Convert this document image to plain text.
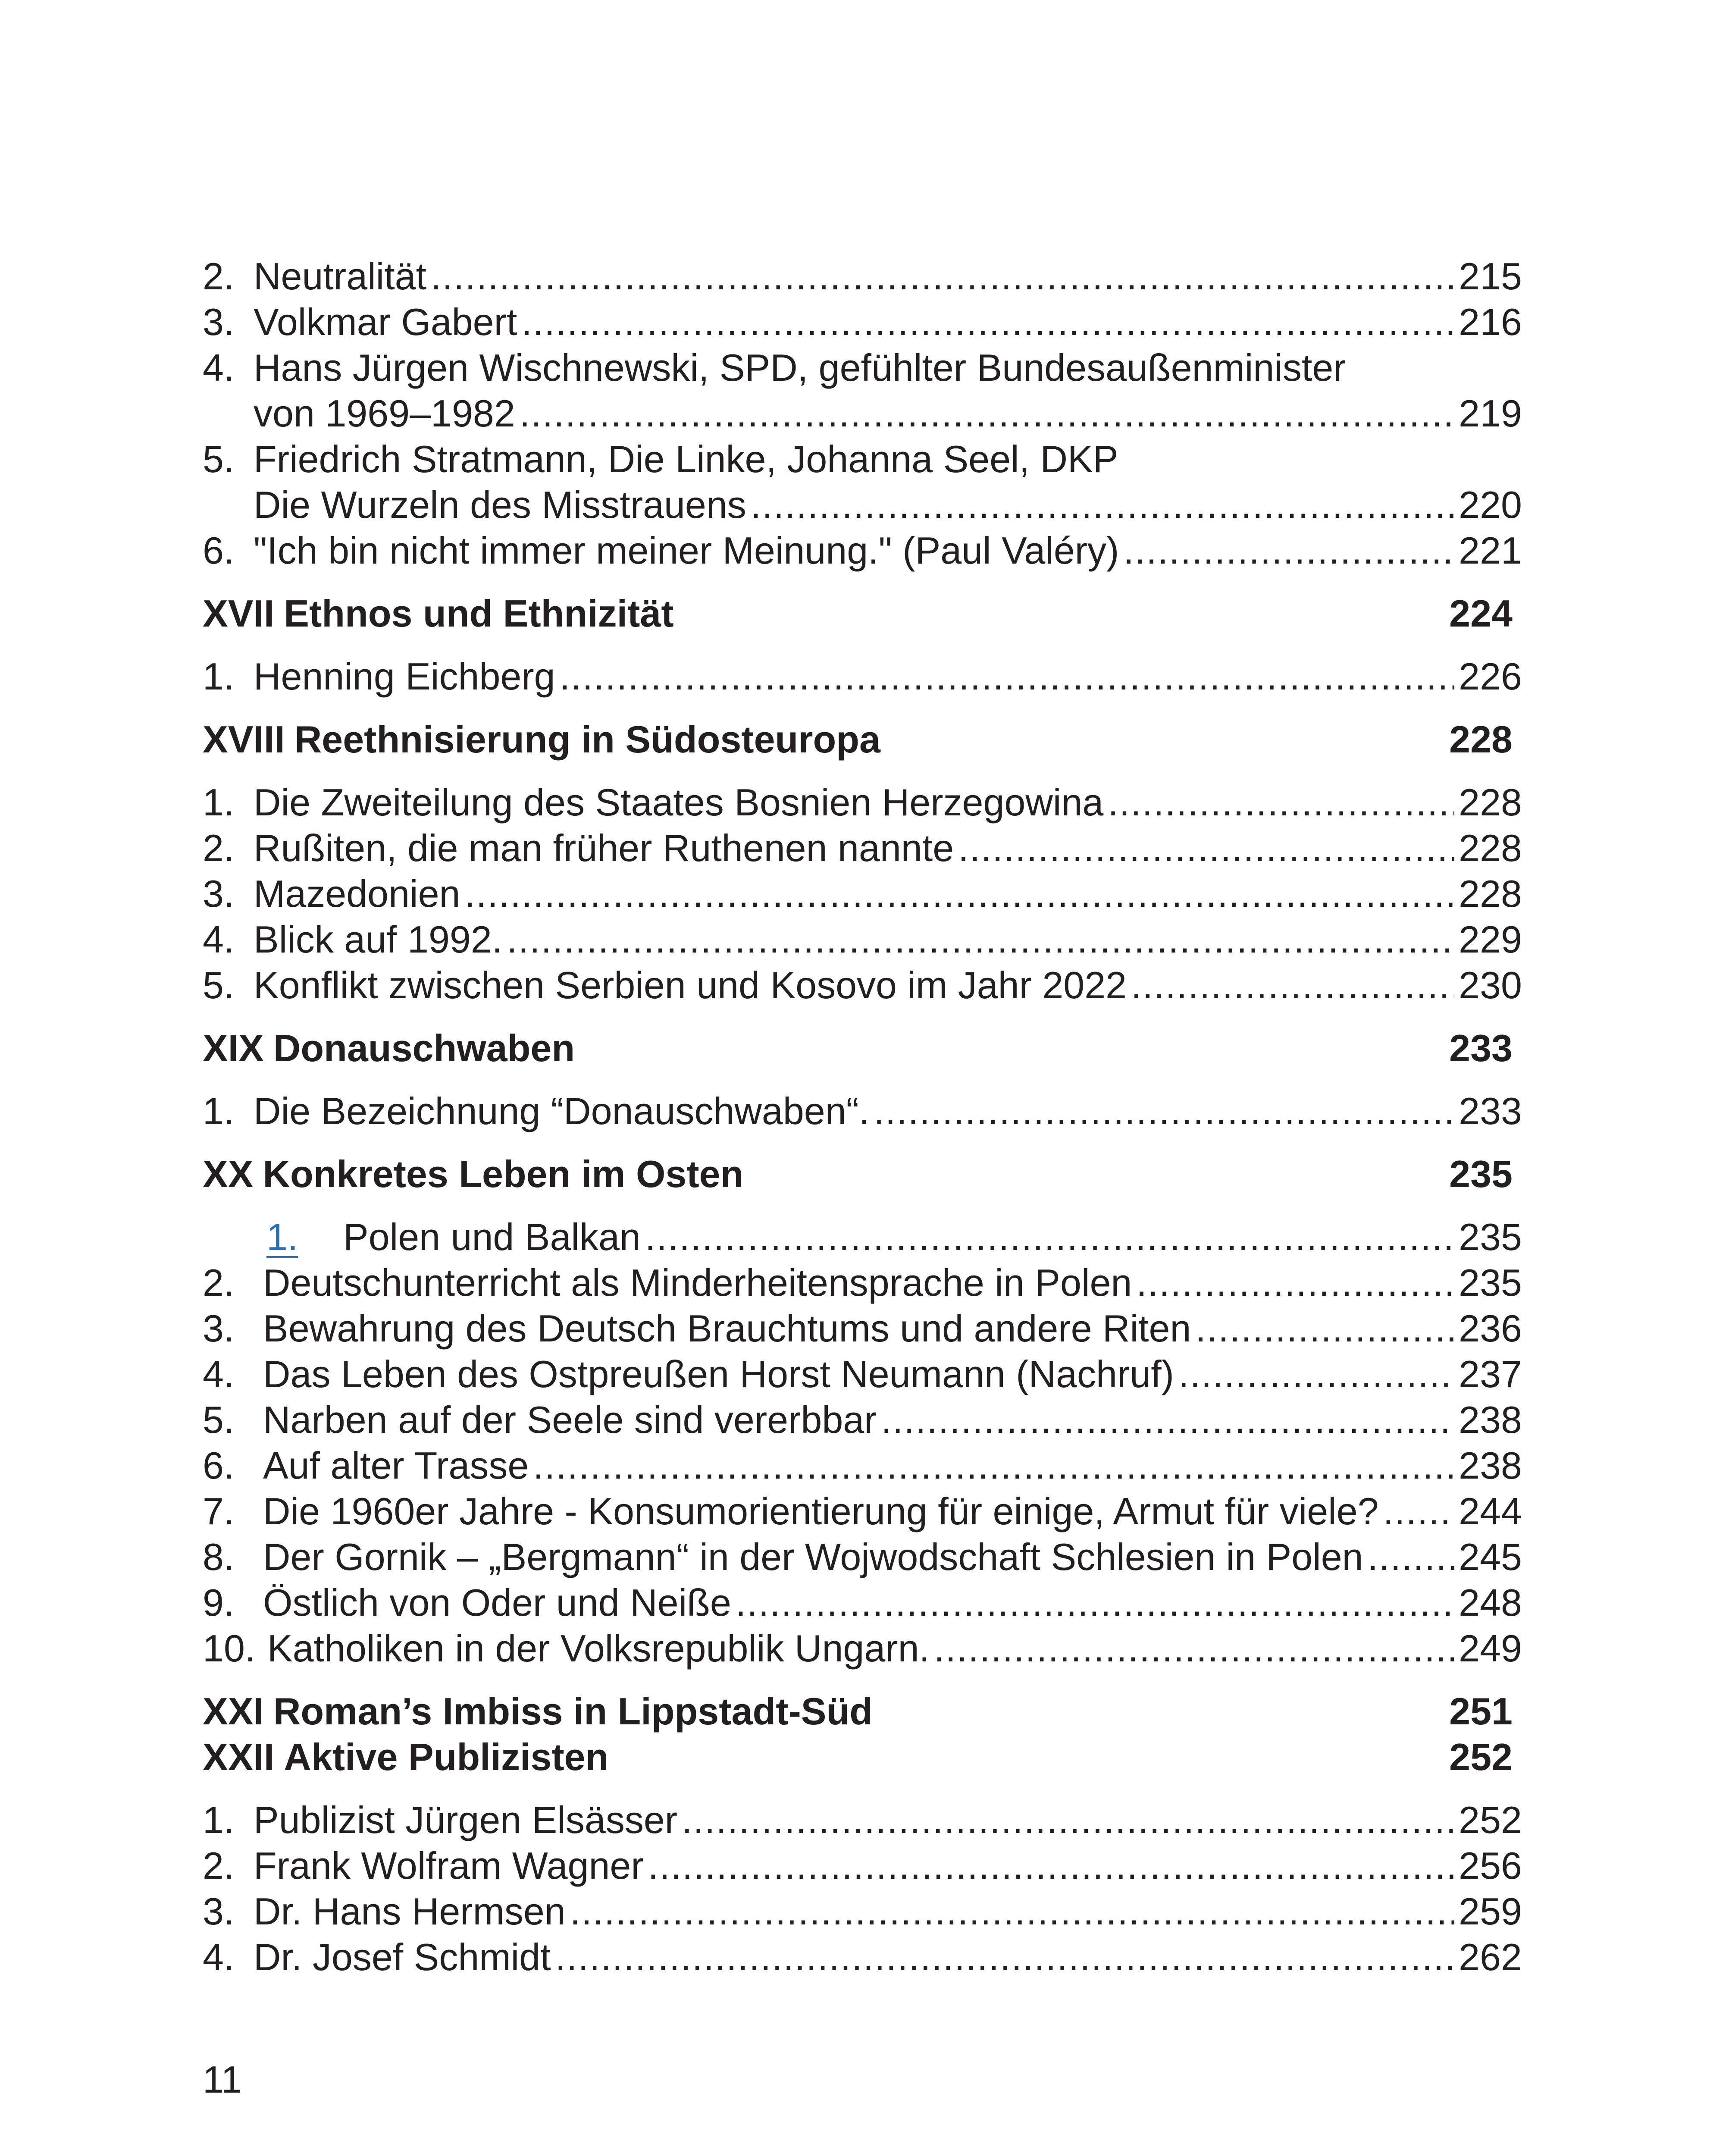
2. Neutralität .....	215
3. Volkmar Gabert .....	216
4. Hans Jürgen Wischnewski, SPD, gefühlter Bundesaußenminister
von 1969–1982 .....	219
5. Friedrich Stratmann, Die Linke, Johanna Seel, DKP
Die Wurzeln des Misstrauens .....	220
6. "Ich bin nicht immer meiner Meinung." (Paul Valéry) .....	221
XVII Ethnos und Ethnizität	224
1. Henning Eichberg .....	226
XVIII Reethnisierung in Südosteuropa	228
1. Die Zweiteilung des Staates Bosnien Herzegowina .....	228
2. Rußiten, die man früher Ruthenen nannte .....	228
3. Mazedonien .....	228
4. Blick auf 1992. .....	229
5. Konflikt zwischen Serbien und Kosovo im Jahr 2022 .....	230
XIX Donauschwaben	233
1. Die Bezeichnung “Donauschwaben“. .....	233
XX Konkretes Leben im Osten	235
1.	Polen und Balkan .....	235
2. Deutschunterricht als Minderheitensprache in Polen .....	235
3. Bewahrung des Deutsch Brauchtums und andere Riten .....	236
4. Das Leben des Ostpreußen Horst Neumann (Nachruf) .....	237
5. Narben auf der Seele sind vererbbar .....	238
6. Auf alter Trasse .....	238
7. Die 1960er Jahre - Konsumorientierung für einige, Armut für viele? ..... 244
8. Der Gornik – „Bergmann“ in der Wojwodschaft Schlesien in Polen .....	245
9. Östlich von Oder und Neiße .....	248
10. Katholiken in der Volksrepublik Ungarn. .....	249
XXI Roman’s Imbiss in Lippstadt-Süd	251
XXII Aktive Publizisten	252
1. Publizist Jürgen Elsässer .....	252
2. Frank Wolfram Wagner .....	256
3. Dr. Hans Hermsen .....	259
4. Dr. Josef Schmidt .....	262
11
